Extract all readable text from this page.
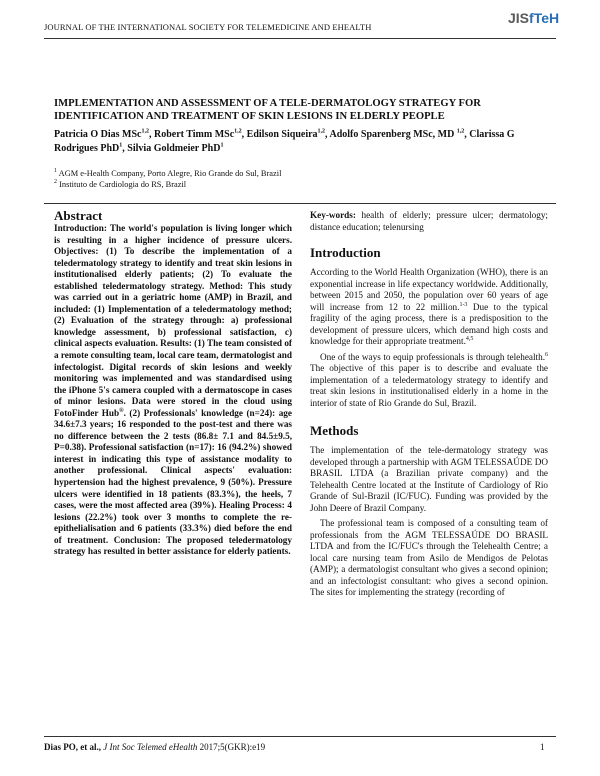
JOURNAL OF THE INTERNATIONAL SOCIETY FOR TELEMEDICINE AND EHEALTH
JISfTeH
IMPLEMENTATION AND ASSESSMENT OF A TELE-DERMATOLOGY STRATEGY FOR IDENTIFICATION AND TREATMENT OF SKIN LESIONS IN ELDERLY PEOPLE
Patricia O Dias MSc$^{1,2}$, Robert Timm MSc$^{1,2}$, Edilson Siqueira$^{1,2}$, Adolfo Sparenberg MSc, MD $^{1,2}$, Clarissa G Rodrigues PhD$^1$, Silvia Goldmeier PhD$^1$
$^1$ AGM e-Health Company, Porto Alegre, Rio Grande do Sul, Brazil
$^2$ Instituto de Cardiologia do RS, Brazil

Abstract

Introduction: The world's population is living longer which is resulting in a higher incidence of pressure ulcers. Objectives: (1) To describe the implementation of a teledermatology strategy to identify and treat skin lesions in institutionalised elderly patients; (2) To evaluate the established teledermatology strategy. Method: This study was carried out in a geriatric home (AMP) in Brazil, and included: (1) Implementation of a teledermatology method; (2) Evaluation of the strategy through: a) professional knowledge assessment, b) professional satisfaction, c) clinical aspects evaluation. Results: (1) The team consisted of a remote consulting team, local care team, dermatologist and infectologist. Digital records of skin lesions and weekly monitoring was implemented and was standardised using the iPhone 5's camera coupled with a dermatoscope in cases of minor lesions. Data were stored in the cloud using FotoFinder Hub®. (2) Professionals' knowledge (n=24): age 34.6±7.3 years; 16 responded to the post-test and there was no difference between the 2 tests (86.8± 7.1 and 84.5±9.5, P=0.38). Professional satisfaction (n=17): 16 (94.2%) showed interest in indicating this type of assistance modality to another professional. Clinical aspects' evaluation: hypertension had the highest prevalence, 9 (50%). Pressure ulcers were identified in 18 patients (83.3%), the heels, 7 cases, were the most affected area (39%). Healing Process: 4 lesions (22.2%) took over 3 months to complete the re-epithelialisation and 6 patients (33.3%) died before the end of treatment. Conclusion: The proposed teledermatology strategy has resulted in better assistance for elderly patients.

Key-words: health of elderly; pressure ulcer; dermatology; distance education; telenursing

Introduction

According to the World Health Organization (WHO), there is an exponential increase in life expectancy worldwide. Additionally, between 2015 and 2050, the population over 60 years of age will increase from 12 to 22 million.$^{1-3}$ Due to the typical fragility of the aging process, there is a predisposition to the development of pressure ulcers, which demand high costs and knowledge for their appropriate treatment.$^{4,5}$

One of the ways to equip professionals is through telehealth.$^6$ The objective of this paper is to describe and evaluate the implementation of a teledermatology strategy to identify and treat skin lesions in institutionalised elderly in a home in the interior of state of Rio Grande do Sul, Brazil.

Methods

The implementation of the tele-dermatology strategy was developed through a partnership with AGM TELESSAÚDE DO BRASIL LTDA (a Brazilian private company) and the Telehealth Centre located at the Institute of Cardiology of Rio Grande of Sul-Brazil (IC/FUC). Funding was provided by the John Deere of Brazil Company.

The professional team is composed of a consulting team of professionals from the AGM TELESSAÚDE DO BRASIL LTDA and from the IC/FUC's through the Telehealth Centre; a local care nursing team from Asilo de Mendigos de Pelotas (AMP); a dermatologist consultant who gives a second opinion; and an infectologist consultant: who gives a second opinion. The sites for implementing the strategy (recording of

Dias PO, et al., J Int Soc Telemed eHealth 2017;5(GKR):e19	1
